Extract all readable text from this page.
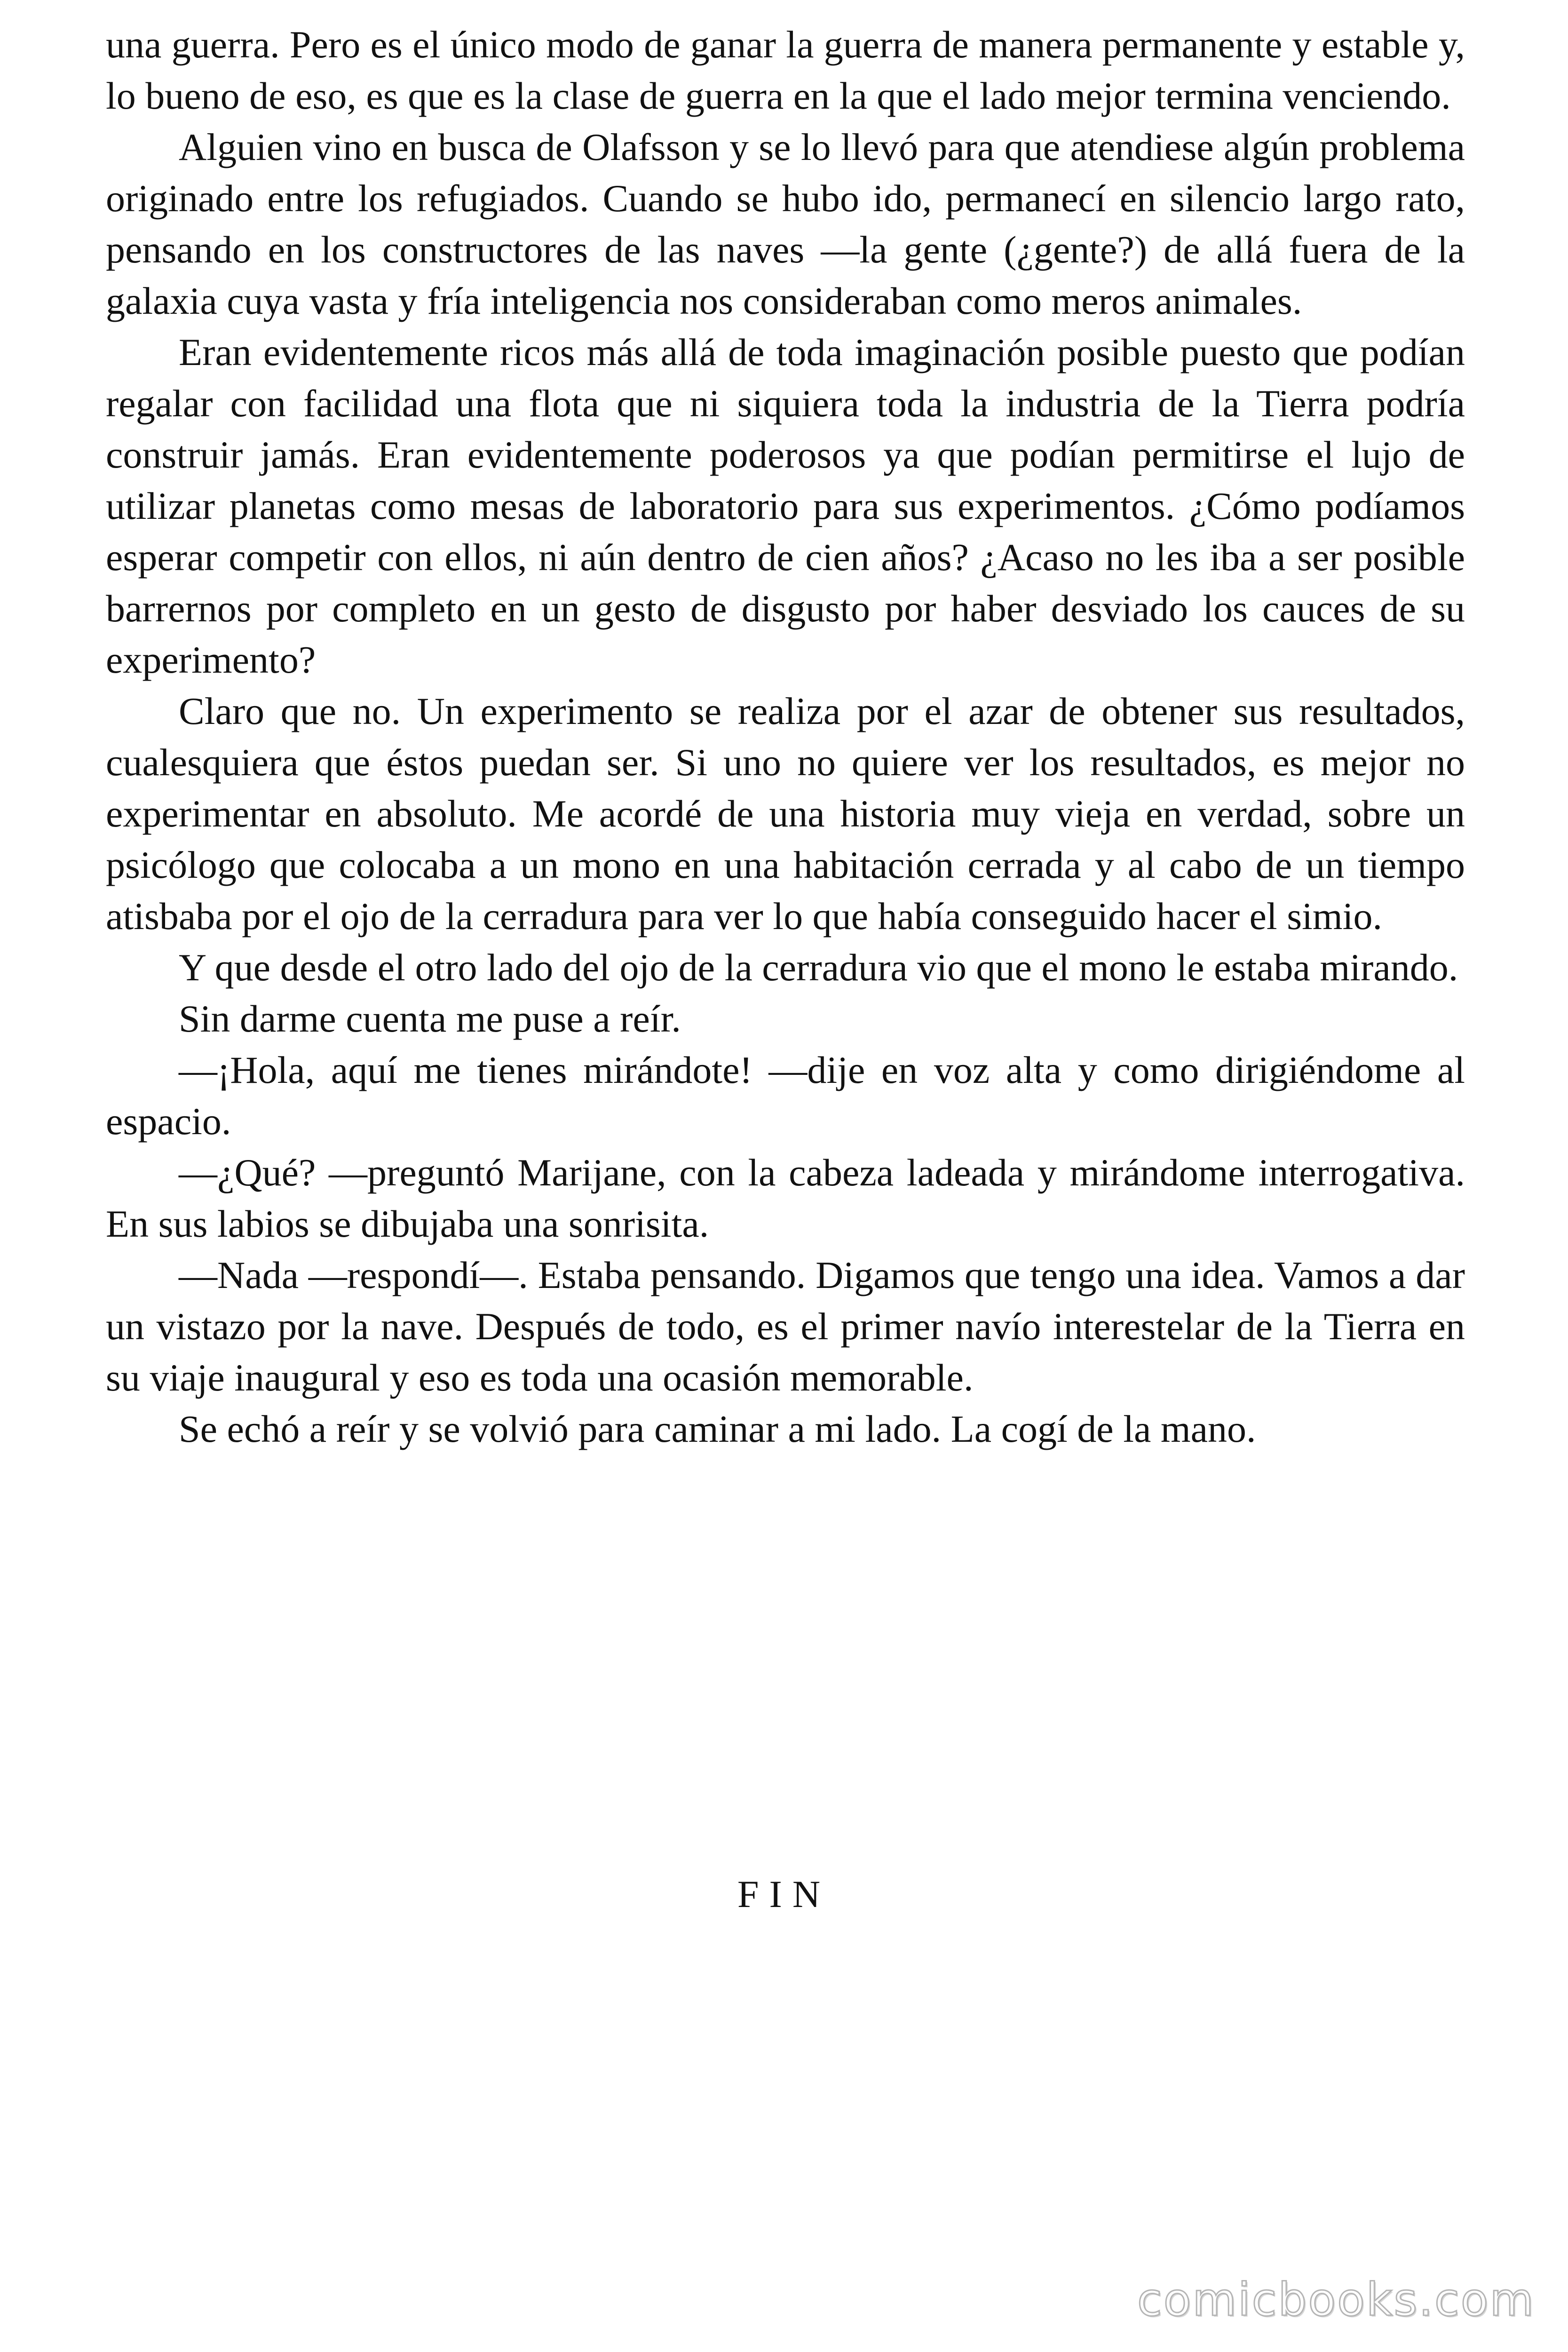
una guerra. Pero es el único modo de ganar la guerra de manera permanente y estable y, lo bueno de eso, es que es la clase de guerra en la que el lado mejor termina venciendo.

Alguien vino en busca de Olafsson y se lo llevó para que atendiese algún problema originado entre los refugiados. Cuando se hubo ido, permanecí en silencio largo rato, pensando en los constructores de las naves —la gente (¿gente?) de allá fuera de la galaxia cuya vasta y fría inteligencia nos consideraban como meros animales.

Eran evidentemente ricos más allá de toda imaginación posible puesto que podían regalar con facilidad una flota que ni siquiera toda la industria de la Tierra podría construir jamás. Eran evidentemente poderosos ya que podían permitirse el lujo de utilizar planetas como mesas de laboratorio para sus experimentos. ¿Cómo podíamos esperar competir con ellos, ni aún dentro de cien años? ¿Acaso no les iba a ser posible barrernos por completo en un gesto de disgusto por haber desviado los cauces de su experimento?

Claro que no. Un experimento se realiza por el azar de obtener sus resultados, cualesquiera que éstos puedan ser. Si uno no quiere ver los resultados, es mejor no experimentar en absoluto. Me acordé de una historia muy vieja en verdad, sobre un psicólogo que colocaba a un mono en una habitación cerrada y al cabo de un tiempo atisbaba por el ojo de la cerradura para ver lo que había conseguido hacer el simio.

Y que desde el otro lado del ojo de la cerradura vio que el mono le estaba mirando.

Sin darme cuenta me puse a reír.

—¡Hola, aquí me tienes mirándote! —dije en voz alta y como dirigiéndome al espacio.

—¿Qué? —preguntó Marijane, con la cabeza ladeada y mirándome interrogativa. En sus labios se dibujaba una sonrisita.

—Nada —respondí—. Estaba pensando. Digamos que tengo una idea. Vamos a dar un vistazo por la nave. Después de todo, es el primer navío interestelar de la Tierra en su viaje inaugural y eso es toda una ocasión memorable.

Se echó a reír y se volvió para caminar a mi lado. La cogí de la mano.

FIN
comicbooks.com
